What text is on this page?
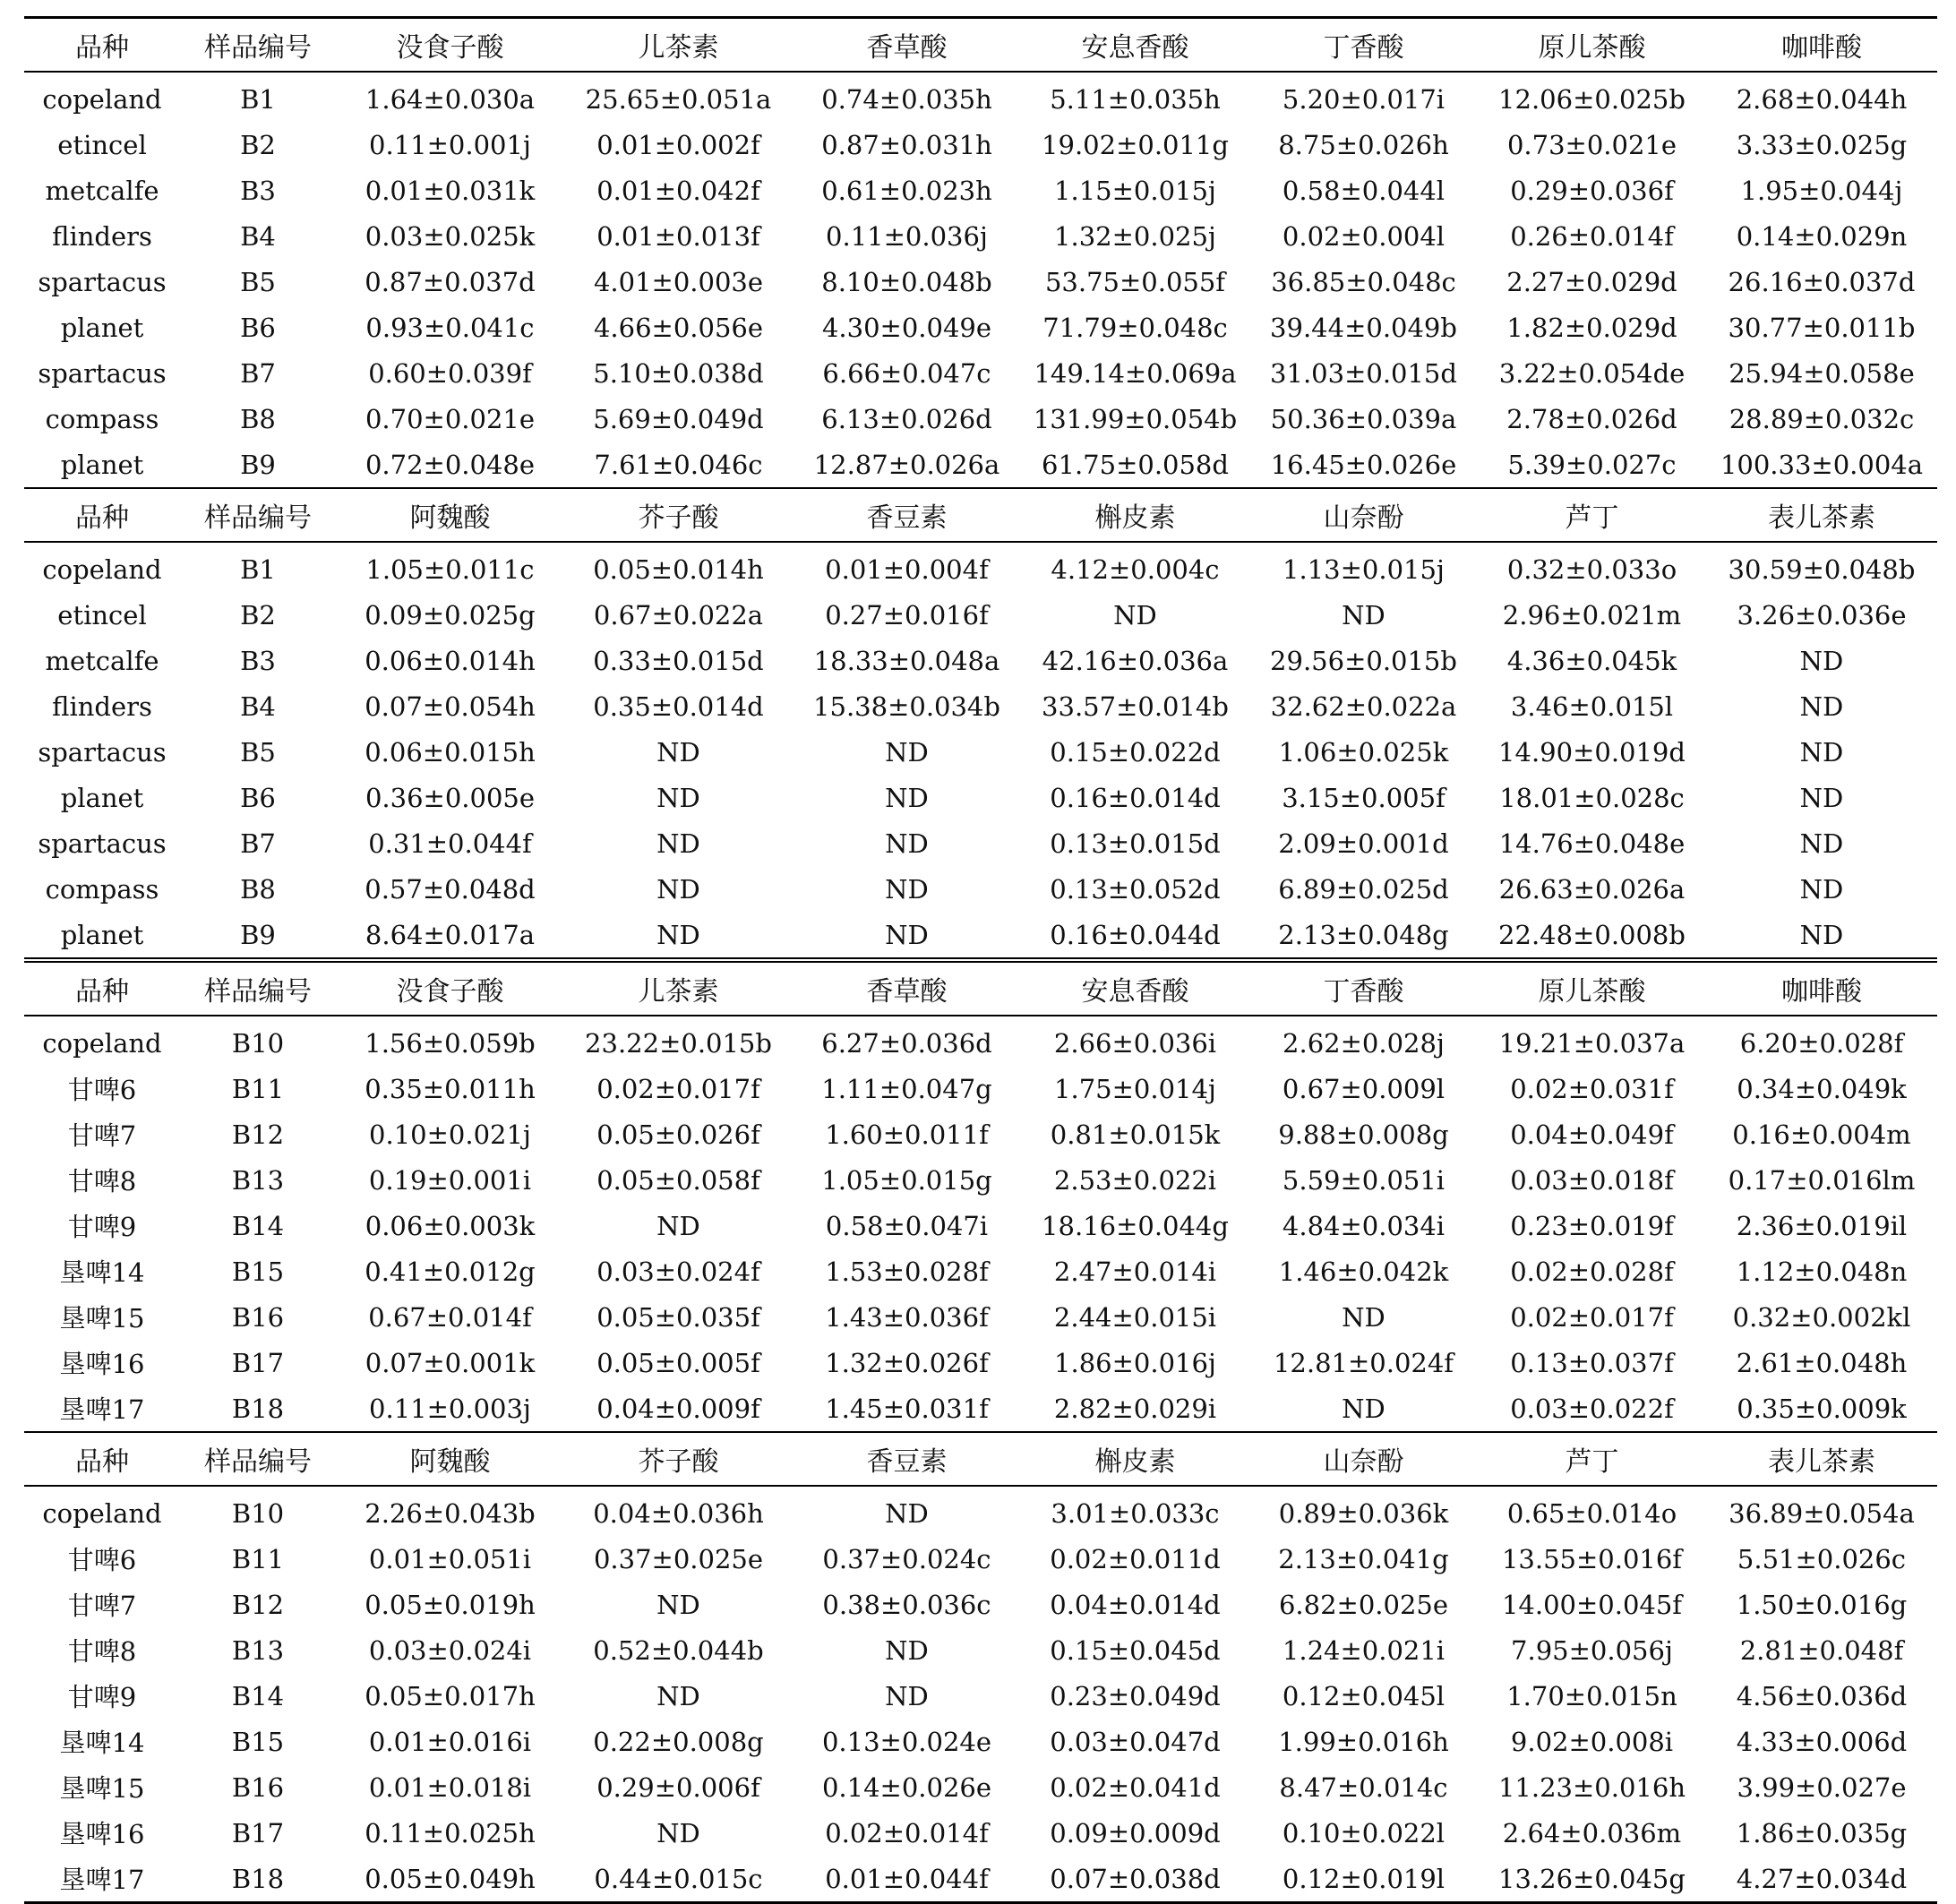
品种	样品编号	没食子酸	儿茶素	香草酸	安息香酸	丁香酸	原儿茶酸	咖啡酸
copeland	B1	1.64±0.030a	25.65±0.051a	0.74±0.035h	5.11±0.035h	5.20±0.017i	12.06±0.025b	2.68±0.044h
etincel	B2	0.11±0.001j	0.01±0.002f	0.87±0.031h	19.02±0.011g	8.75±0.026h	0.73±0.021e	3.33±0.025g
metcalfe	B3	0.01±0.031k	0.01±0.042f	0.61±0.023h	1.15±0.015j	0.58±0.044l	0.29±0.036f	1.95±0.044j
flinders	B4	0.03±0.025k	0.01±0.013f	0.11±0.036j	1.32±0.025j	0.02±0.004l	0.26±0.014f	0.14±0.029n
spartacus	B5	0.87±0.037d	4.01±0.003e	8.10±0.048b	53.75±0.055f	36.85±0.048c	2.27±0.029d	26.16±0.037d
planet	B6	0.93±0.041c	4.66±0.056e	4.30±0.049e	71.79±0.048c	39.44±0.049b	1.82±0.029d	30.77±0.011b
spartacus	B7	0.60±0.039f	5.10±0.038d	6.66±0.047c	149.14±0.069a	31.03±0.015d	3.22±0.054de	25.94±0.058e
compass	B8	0.70±0.021e	5.69±0.049d	6.13±0.026d	131.99±0.054b	50.36±0.039a	2.78±0.026d	28.89±0.032c
planet	B9	0.72±0.048e	7.61±0.046c	12.87±0.026a	61.75±0.058d	16.45±0.026e	5.39±0.027c	100.33±0.004a
品种	样品编号	阿魏酸	芥子酸	香豆素	槲皮素	山奈酚	芦丁	表儿茶素
copeland	B1	1.05±0.011c	0.05±0.014h	0.01±0.004f	4.12±0.004c	1.13±0.015j	0.32±0.033o	30.59±0.048b
etincel	B2	0.09±0.025g	0.67±0.022a	0.27±0.016f	ND	ND	2.96±0.021m	3.26±0.036e
metcalfe	B3	0.06±0.014h	0.33±0.015d	18.33±0.048a	42.16±0.036a	29.56±0.015b	4.36±0.045k	ND
flinders	B4	0.07±0.054h	0.35±0.014d	15.38±0.034b	33.57±0.014b	32.62±0.022a	3.46±0.015l	ND
spartacus	B5	0.06±0.015h	ND	ND	0.15±0.022d	1.06±0.025k	14.90±0.019d	ND
planet	B6	0.36±0.005e	ND	ND	0.16±0.014d	3.15±0.005f	18.01±0.028c	ND
spartacus	B7	0.31±0.044f	ND	ND	0.13±0.015d	2.09±0.001d	14.76±0.048e	ND
compass	B8	0.57±0.048d	ND	ND	0.13±0.052d	6.89±0.025d	26.63±0.026a	ND
planet	B9	8.64±0.017a	ND	ND	0.16±0.044d	2.13±0.048g	22.48±0.008b	ND
品种	样品编号	没食子酸	儿茶素	香草酸	安息香酸	丁香酸	原儿茶酸	咖啡酸
copeland	B10	1.56±0.059b	23.22±0.015b	6.27±0.036d	2.66±0.036i	2.62±0.028j	19.21±0.037a	6.20±0.028f
甘啤6	B11	0.35±0.011h	0.02±0.017f	1.11±0.047g	1.75±0.014j	0.67±0.009l	0.02±0.031f	0.34±0.049k
甘啤7	B12	0.10±0.021j	0.05±0.026f	1.60±0.011f	0.81±0.015k	9.88±0.008g	0.04±0.049f	0.16±0.004m
甘啤8	B13	0.19±0.001i	0.05±0.058f	1.05±0.015g	2.53±0.022i	5.59±0.051i	0.03±0.018f	0.17±0.016lm
甘啤9	B14	0.06±0.003k	ND	0.58±0.047i	18.16±0.044g	4.84±0.034i	0.23±0.019f	2.36±0.019il
垦啤14	B15	0.41±0.012g	0.03±0.024f	1.53±0.028f	2.47±0.014i	1.46±0.042k	0.02±0.028f	1.12±0.048n
垦啤15	B16	0.67±0.014f	0.05±0.035f	1.43±0.036f	2.44±0.015i	ND	0.02±0.017f	0.32±0.002kl
垦啤16	B17	0.07±0.001k	0.05±0.005f	1.32±0.026f	1.86±0.016j	12.81±0.024f	0.13±0.037f	2.61±0.048h
垦啤17	B18	0.11±0.003j	0.04±0.009f	1.45±0.031f	2.82±0.029i	ND	0.03±0.022f	0.35±0.009k
品种	样品编号	阿魏酸	芥子酸	香豆素	槲皮素	山奈酚	芦丁	表儿茶素
copeland	B10	2.26±0.043b	0.04±0.036h	ND	3.01±0.033c	0.89±0.036k	0.65±0.014o	36.89±0.054a
甘啤6	B11	0.01±0.051i	0.37±0.025e	0.37±0.024c	0.02±0.011d	2.13±0.041g	13.55±0.016f	5.51±0.026c
甘啤7	B12	0.05±0.019h	ND	0.38±0.036c	0.04±0.014d	6.82±0.025e	14.00±0.045f	1.50±0.016g
甘啤8	B13	0.03±0.024i	0.52±0.044b	ND	0.15±0.045d	1.24±0.021i	7.95±0.056j	2.81±0.048f
甘啤9	B14	0.05±0.017h	ND	ND	0.23±0.049d	0.12±0.045l	1.70±0.015n	4.56±0.036d
垦啤14	B15	0.01±0.016i	0.22±0.008g	0.13±0.024e	0.03±0.047d	1.99±0.016h	9.02±0.008i	4.33±0.006d
垦啤15	B16	0.01±0.018i	0.29±0.006f	0.14±0.026e	0.02±0.041d	8.47±0.014c	11.23±0.016h	3.99±0.027e
垦啤16	B17	0.11±0.025h	ND	0.02±0.014f	0.09±0.009d	0.10±0.022l	2.64±0.036m	1.86±0.035g
垦啤17	B18	0.05±0.049h	0.44±0.015c	0.01±0.044f	0.07±0.038d	0.12±0.019l	13.26±0.045g	4.27±0.034d
